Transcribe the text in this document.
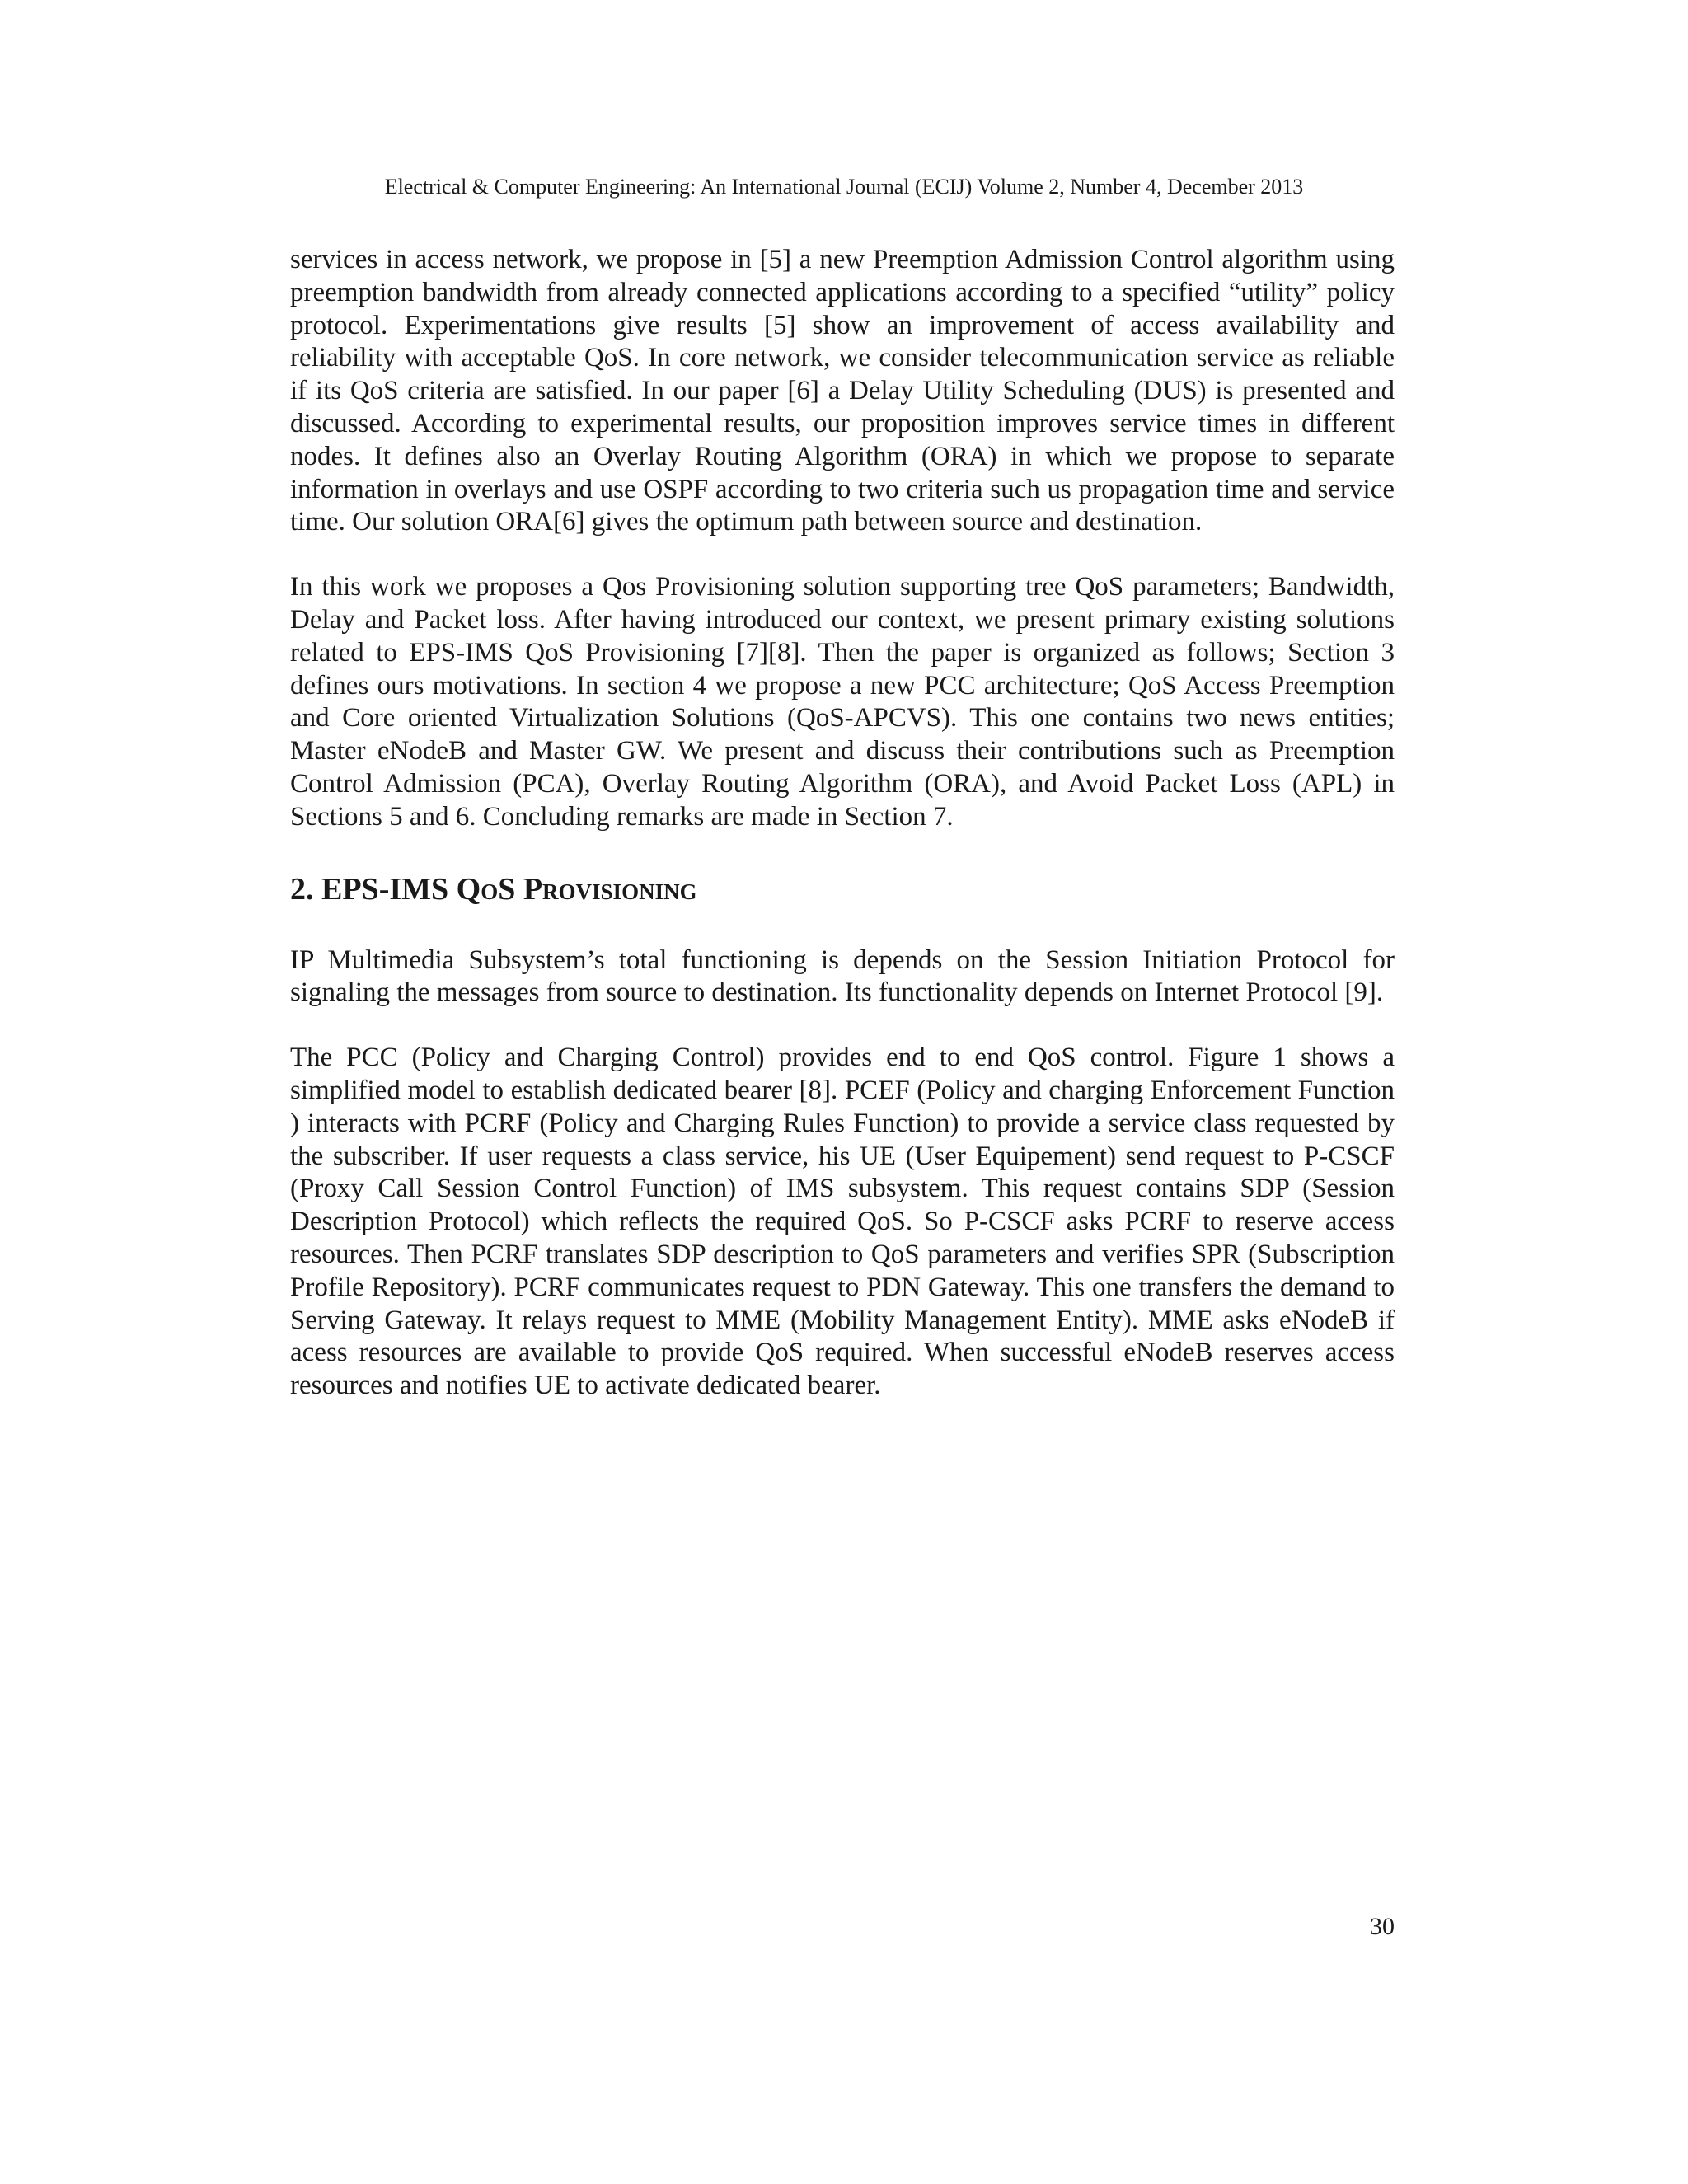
Electrical & Computer Engineering: An International Journal (ECIJ) Volume 2, Number 4, December 2013

services in access network, we propose in [5] a new Preemption Admission Control algorithm using preemption bandwidth from already connected applications according to a specified “utility” policy protocol. Experimentations give results [5] show an improvement of access availability and reliability with acceptable QoS. In core network, we consider telecommunication service as reliable if its QoS criteria are satisfied. In our paper [6] a Delay Utility Scheduling (DUS) is presented and discussed. According to experimental results, our proposition improves service times in different nodes. It defines also an Overlay Routing Algorithm (ORA) in which we propose to separate information in overlays and use OSPF according to two criteria such us propagation time and service time. Our solution ORA[6] gives the optimum path between source and destination.

In this work we proposes a Qos Provisioning solution supporting tree QoS parameters; Bandwidth, Delay and Packet loss. After having introduced our context, we present primary existing solutions related to EPS-IMS QoS Provisioning [7][8]. Then the paper is organized as follows; Section 3 defines ours motivations. In section 4 we propose a new PCC architecture; QoS Access Preemption and Core oriented Virtualization Solutions (QoS-APCVS). This one contains two news entities; Master eNodeB and Master GW. We present and discuss their contributions such as Preemption Control Admission (PCA), Overlay Routing Algorithm (ORA), and Avoid Packet Loss (APL) in Sections 5 and 6. Concluding remarks are made in Section 7.

2. EPS-IMS QoS Provisioning

IP Multimedia Subsystem’s total functioning is depends on the Session Initiation Protocol for signaling the messages from source to destination. Its functionality depends on Internet Protocol [9].

The PCC (Policy and Charging Control) provides end to end QoS control. Figure 1 shows a simplified model to establish dedicated bearer [8]. PCEF (Policy and charging Enforcement Function ) interacts with PCRF (Policy and Charging Rules Function) to provide a service class requested by the subscriber. If user requests a class service, his UE (User Equipement) send request to P-CSCF (Proxy Call Session Control Function) of IMS subsystem. This request contains SDP (Session Description Protocol) which reflects the required QoS. So P-CSCF asks PCRF to reserve access resources. Then PCRF translates SDP description to QoS parameters and verifies SPR (Subscription Profile Repository). PCRF communicates request to PDN Gateway. This one transfers the demand to Serving Gateway. It relays request to MME (Mobility Management Entity). MME asks eNodeB if acess resources are available to provide QoS required. When successful eNodeB reserves access resources and notifies UE to activate dedicated bearer.

30
